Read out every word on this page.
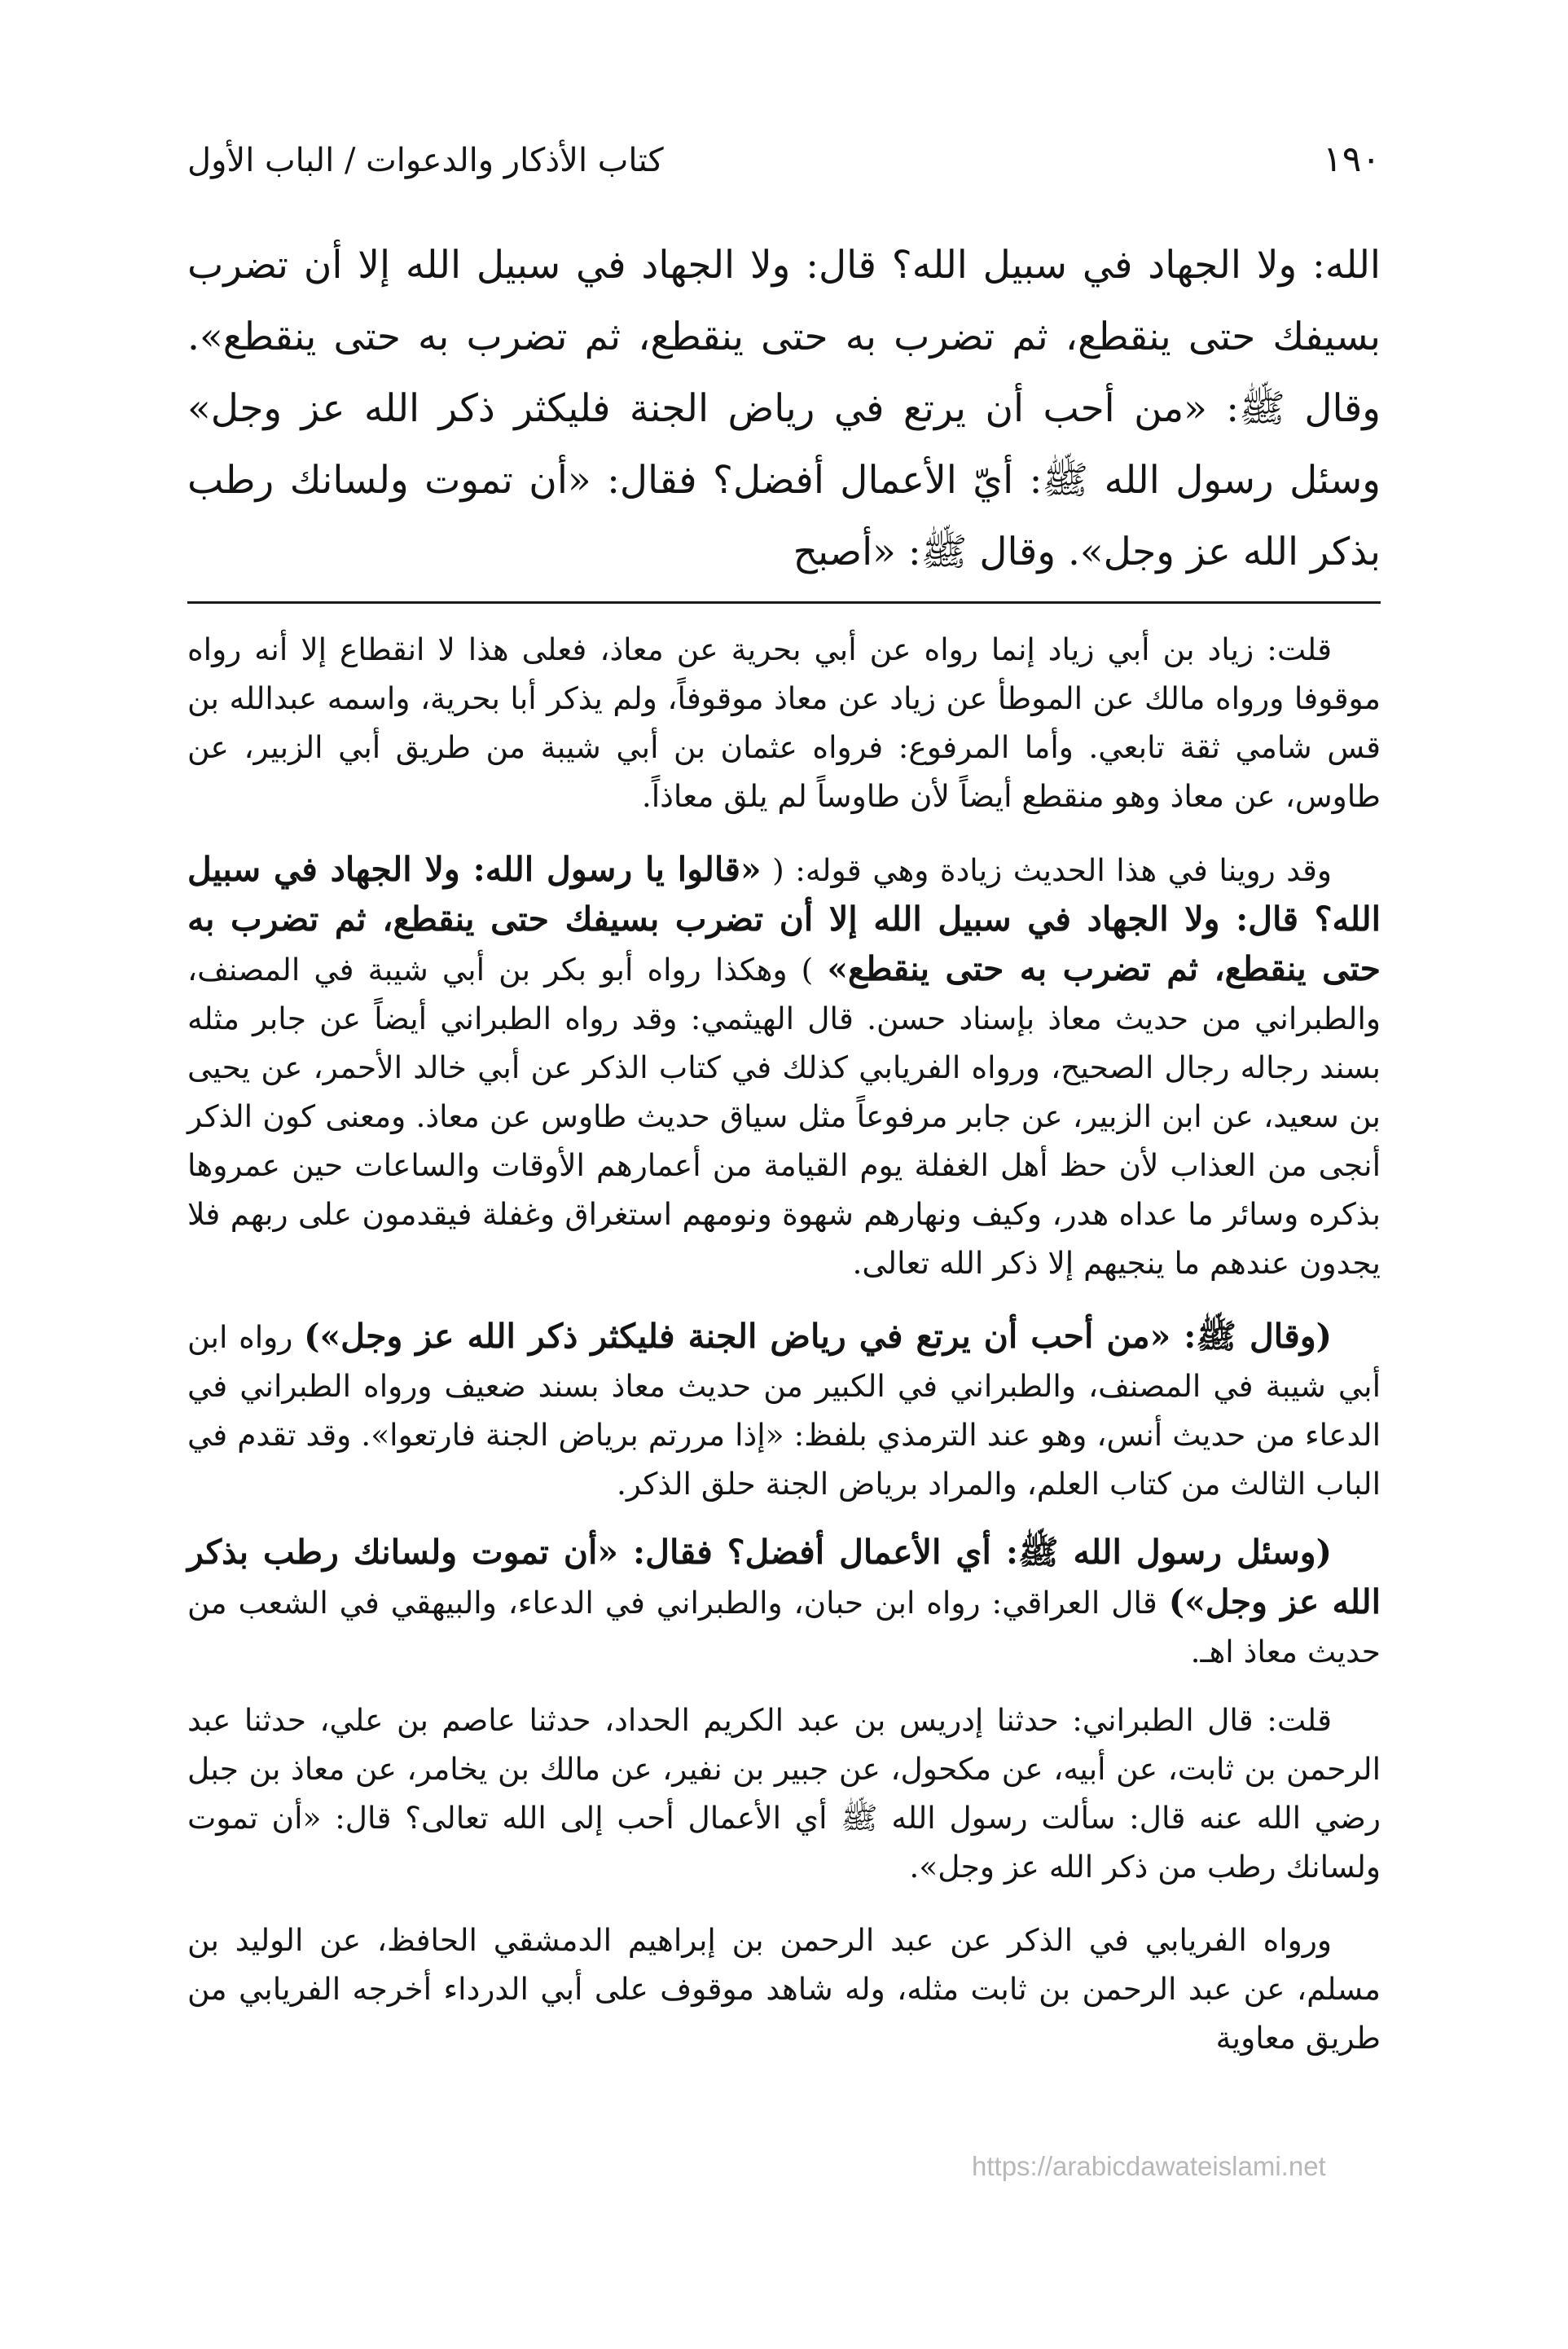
١٩٠
كتاب الأذكار والدعوات / الباب الأول

الله: ولا الجهاد في سبيل الله؟ قال: ولا الجهاد في سبيل الله إلا أن تضرب بسيفك حتى ينقطع، ثم تضرب به حتى ينقطع، ثم تضرب به حتى ينقطع». وقال ﷺ: «من أحب أن يرتع في رياض الجنة فليكثر ذكر الله عز وجل» وسئل رسول الله ﷺ: أيّ الأعمال أفضل؟ فقال: «أن تموت ولسانك رطب بذكر الله عز وجل». وقال ﷺ: «أصبح

قلت: زياد بن أبي زياد إنما رواه عن أبي بحرية عن معاذ، فعلى هذا لا انقطاع إلا أنه رواه موقوفا ورواه مالك عن الموطأ عن زياد عن معاذ موقوفاً، ولم يذكر أبا بحرية، واسمه عبدالله بن قس شامي ثقة تابعي. وأما المرفوع: فرواه عثمان بن أبي شيبة من طريق أبي الزبير، عن طاوس، عن معاذ وهو منقطع أيضاً لأن طاوساً لم يلق معاذاً.

وقد روينا في هذا الحديث زيادة وهي قوله: ( «قالوا يا رسول الله: ولا الجهاد في سبيل الله؟ قال: ولا الجهاد في سبيل الله إلا أن تضرب بسيفك حتى ينقطع، ثم تضرب به حتى ينقطع، ثم تضرب به حتى ينقطع» ) وهكذا رواه أبو بكر بن أبي شيبة في المصنف، والطبراني من حديث معاذ بإسناد حسن. قال الهيثمي: وقد رواه الطبراني أيضاً عن جابر مثله بسند رجاله رجال الصحيح، ورواه الفريابي كذلك في كتاب الذكر عن أبي خالد الأحمر، عن يحيى بن سعيد، عن ابن الزبير، عن جابر مرفوعاً مثل سياق حديث طاوس عن معاذ. ومعنى كون الذكر أنجى من العذاب لأن حظ أهل الغفلة يوم القيامة من أعمارهم الأوقات والساعات حين عمروها بذكره وسائر ما عداه هدر، وكيف ونهارهم شهوة ونومهم استغراق وغفلة فيقدمون على ربهم فلا يجدون عندهم ما ينجيهم إلا ذكر الله تعالى.

(وقال ﷺ: «من أحب أن يرتع في رياض الجنة فليكثر ذكر الله عز وجل») رواه ابن أبي شيبة في المصنف، والطبراني في الكبير من حديث معاذ بسند ضعيف ورواه الطبراني في الدعاء من حديث أنس، وهو عند الترمذي بلفظ: «إذا مررتم برياض الجنة فارتعوا». وقد تقدم في الباب الثالث من كتاب العلم، والمراد برياض الجنة حلق الذكر.

(وسئل رسول الله ﷺ: أي الأعمال أفضل؟ فقال: «أن تموت ولسانك رطب بذكر الله عز وجل») قال العراقي: رواه ابن حبان، والطبراني في الدعاء، والبيهقي في الشعب من حديث معاذ اهـ.

قلت: قال الطبراني: حدثنا إدريس بن عبد الكريم الحداد، حدثنا عاصم بن علي، حدثنا عبد الرحمن بن ثابت، عن أبيه، عن مكحول، عن جبير بن نفير، عن مالك بن يخامر، عن معاذ بن جبل رضي الله عنه قال: سألت رسول الله ﷺ أي الأعمال أحب إلى الله تعالى؟ قال: «أن تموت ولسانك رطب من ذكر الله عز وجل».

ورواه الفريابي في الذكر عن عبد الرحمن بن إبراهيم الدمشقي الحافظ، عن الوليد بن مسلم، عن عبد الرحمن بن ثابت مثله، وله شاهد موقوف على أبي الدرداء أخرجه الفريابي من طريق معاوية

https://arabicdawateislami.net
